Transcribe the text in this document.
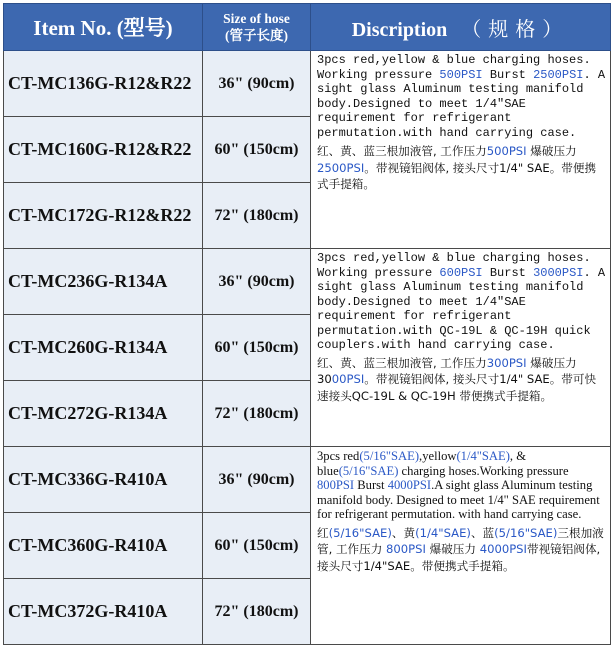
Item No. (型号)	Size of hose
(管子长度)	Discription （规格）
CT-MC136G-R12&R22	36" (90cm)	3pcs red,yellow & blue charging hoses. Working pressure 500PSI Burst 2500PSI. A sight glass Aluminum testing manifold body.Designed to meet 1/4"SAE requirement for refrigerant permutation.with hand carrying case.
红、黄、蓝三根加液管, 工作压力500PSI 爆破压力 2500PSI。带视镜铝阀体, 接头尺寸1/4" SAE。带便携式手提箱。

CT-MC160G-R12&R22	60" (150cm)	
CT-MC172G-R12&R22	72" (180cm)	
CT-MC236G-R134A	36" (90cm)	3pcs red,yellow & blue charging hoses. Working pressure 600PSI Burst 3000PSI. A sight glass Aluminum testing manifold body.Designed to meet 1/4"SAE requirement for refrigerant permutation.with QC-19L & QC-19H quick couplers.with hand carrying case.
红、黄、蓝三根加液管, 工作压力300PSI 爆破压力3000PSI。带视镜铝阀体, 接头尺寸1/4" SAE。带可快速接头QC-19L & QC-19H 带便携式手提箱。

CT-MC260G-R134A	60" (150cm)	
CT-MC272G-R134A	72" (180cm)	
CT-MC336G-R410A	36" (90cm)	3pcs red(5/16"SAE),yellow(1/4"SAE), & blue(5/16"SAE) charging hoses.Working pressure 800PSI Burst 4000PSI.A sight glass Aluminum testing manifold body. Designed to meet 1/4" SAE requirement for refrigerant permutation. with hand carrying case.
红(5/16"SAE)、黄(1/4"SAE)、蓝(5/16"SAE)三根加液管, 工作压力 800PSI 爆破压力 4000PSI带视镜铝阀体, 接头尺寸1/4"SAE。带便携式手提箱。

CT-MC360G-R410A	60" (150cm)	
CT-MC372G-R410A	72" (180cm)	
